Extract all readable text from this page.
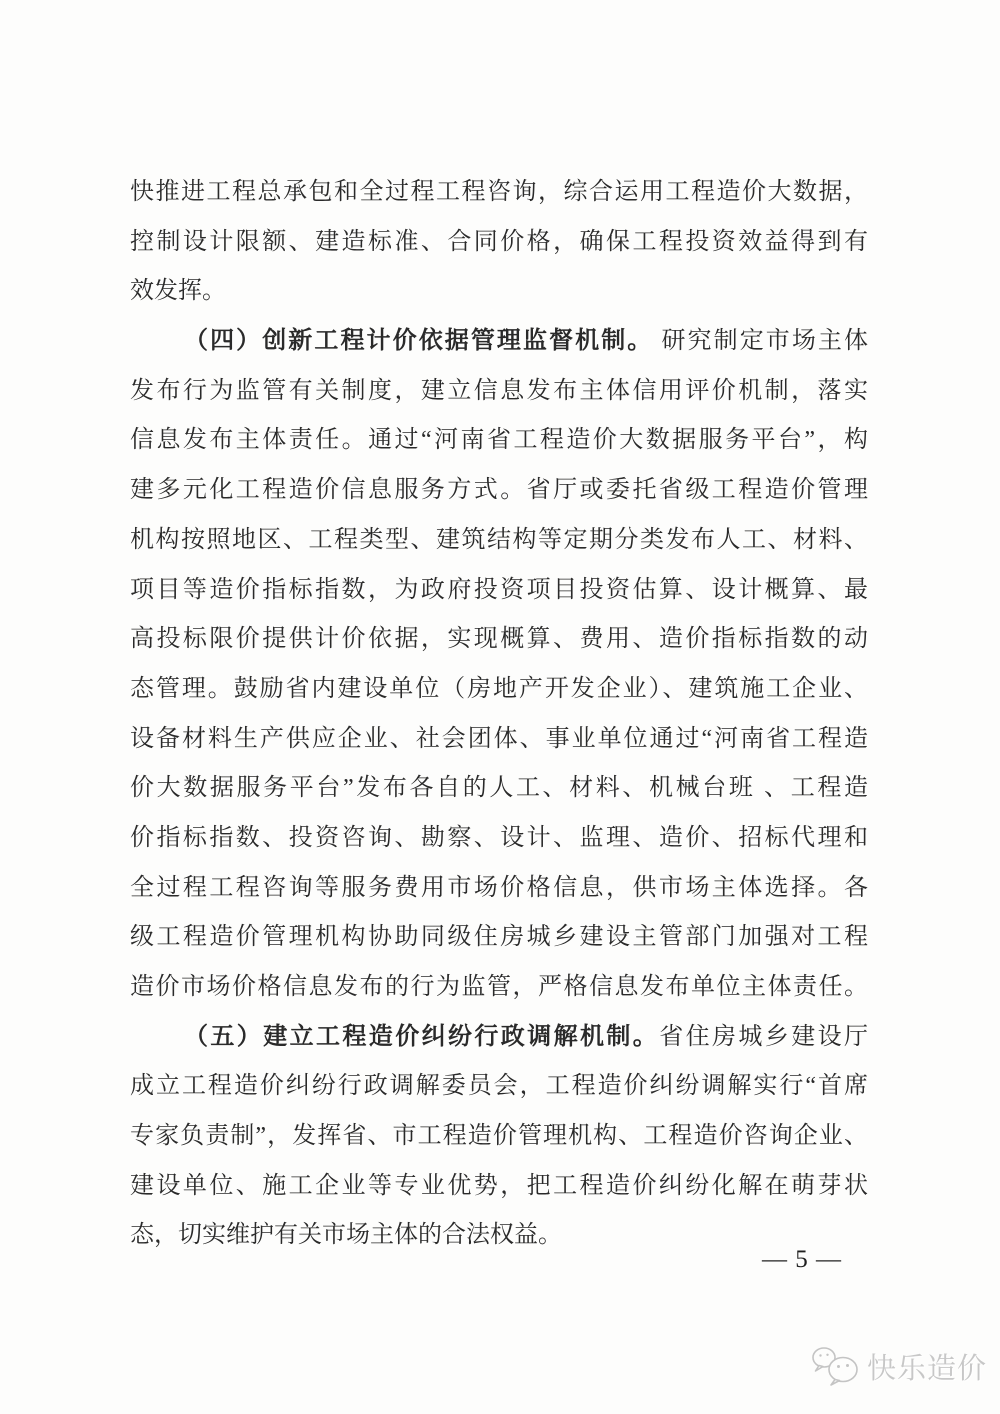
快推进工程总承包和全过程工程咨询，综合运用工程造价大数据，
控制设计限额、建造标准、合同价格，确保工程投资效益得到有
效发挥。
（四）创新工程计价依据管理监督机制。 研究制定市场主体
发布行为监管有关制度，建立信息发布主体信用评价机制，落实
信息发布主体责任。通过“河南省工程造价大数据服务平台”，构
建多元化工程造价信息服务方式。省厅或委托省级工程造价管理
机构按照地区、工程类型、建筑结构等定期分类发布人工、材料、
项目等造价指标指数，为政府投资项目投资估算、设计概算、最
高投标限价提供计价依据，实现概算、费用、造价指标指数的动
态管理。鼓励省内建设单位（房地产开发企业）、建筑施工企业、
设备材料生产供应企业、社会团体、事业单位通过“河南省工程造
价大数据服务平台”发布各自的人工、材料、机械台班 、工程造
价指标指数、投资咨询、勘察、设计、监理、造价、招标代理和
全过程工程咨询等服务费用市场价格信息，供市场主体选择。各
级工程造价管理机构协助同级住房城乡建设主管部门加强对工程
造价市场价格信息发布的行为监管，严格信息发布单位主体责任。
（五）建立工程造价纠纷行政调解机制。省住房城乡建设厅
成立工程造价纠纷行政调解委员会，工程造价纠纷调解实行“首席
专家负责制”，发挥省、市工程造价管理机构、工程造价咨询企业、
建设单位、施工企业等专业优势，把工程造价纠纷化解在萌芽状
态，切实维护有关市场主体的合法权益。
— 5 —
快乐造价
